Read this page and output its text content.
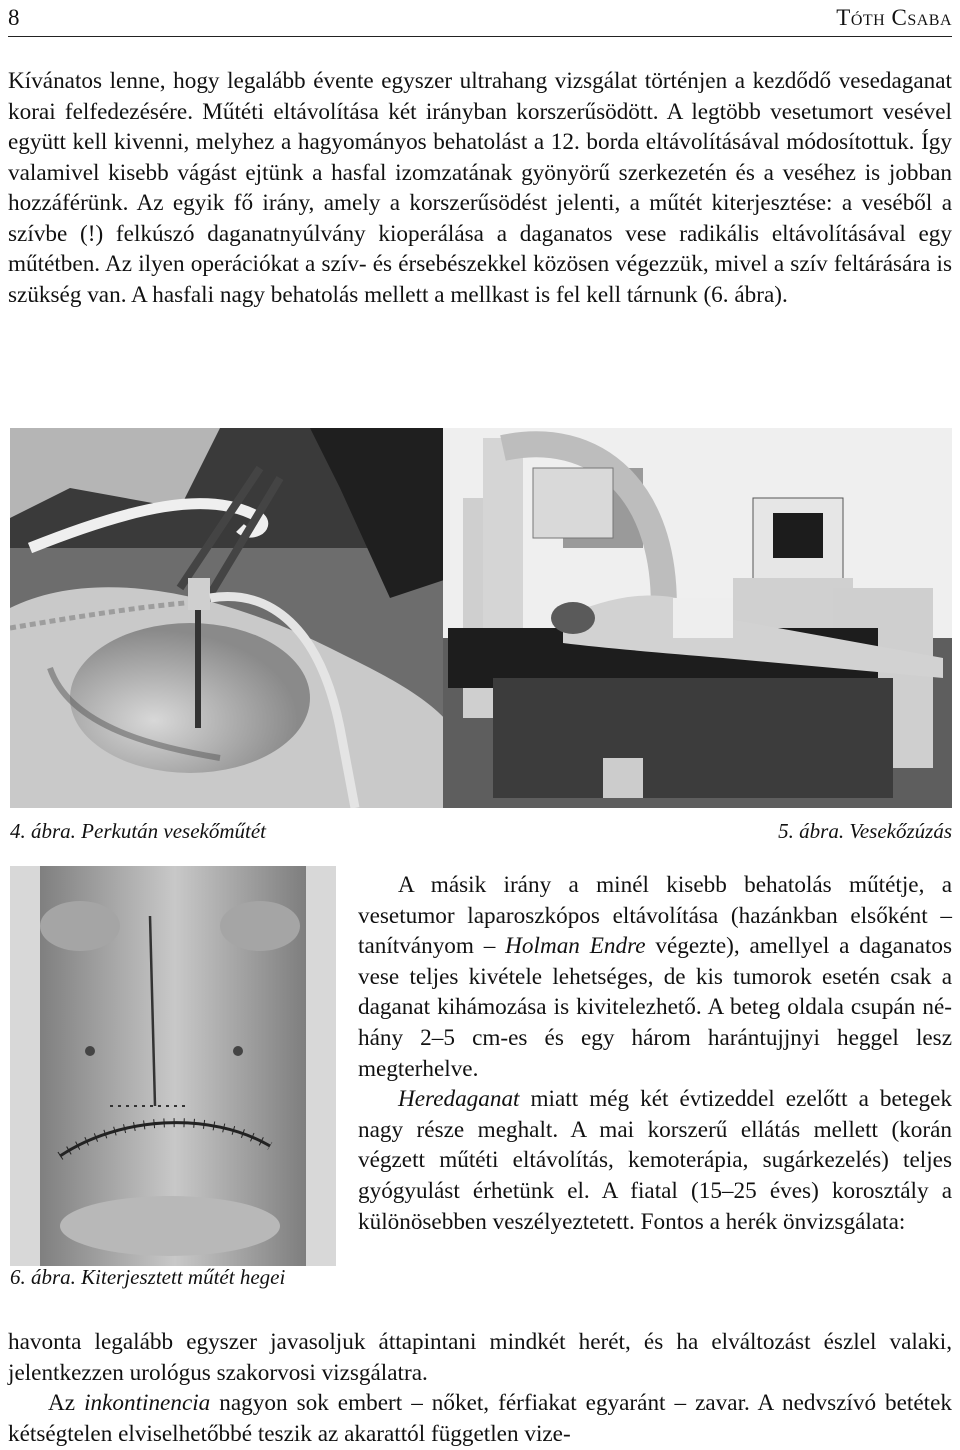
8	Tóth Csaba
Kívánatos lenne, hogy legalább évente egyszer ultrahang vizsgálat történjen a kezdődő vesedaganat korai felfedezésére. Műtéti eltávolítása két irányban korszerűsödött. A legtöbb vesetumort vesével együtt kell kivenni, melyhez a hagyományos behatolást a 12. borda eltávolításával módosítottuk. Így valamivel kisebb vágást ejtünk a hasfal izomzatának gyönyörű szerkezetén és a veséhez is jobban hozzáférünk. Az egyik fő irány, amely a korszerűsödést jelenti, a műtét kiterjesztése: a veséből a szívbe (!) felkúszó daganatnyúlvány kioperálása a daganatos vese radikális eltávolításával egy műtétben. Az ilyen operációkat a szív- és érsebészekkel közösen végezzük, mivel a szív feltárására is szükség van. A hasfali nagy behatolás mellett a mellkast is fel kell tárnunk (6. ábra).
4. ábra. Perkután vesekőműtét	5. ábra. Vesekőzúzás
6. ábra. Kiterjesztett műtét hegei

A másik irány a minél kisebb behatolás műtétje, a vesetumor laparoszkópos eltávolítása (hazánkban elsőként – tanítványom – Holman Endre végezte), amellyel a daganatos vese teljes kivétele lehetséges, de kis tumorok esetén csak a daganat kihámozása is kivitelezhető. A beteg oldala csupán néhány 2–5 cm-es és egy három harántujjnyi heggel lesz megterhelve.

Heredaganat miatt még két évtizeddel ezelőtt a betegek nagy része meghalt. A mai korszerű ellátás mellett (korán végzett műtéti eltávolítás, kemoterápia, sugárkezelés) teljes gyógyulást érhetünk el. A fiatal (15–25 éves) korosztály a különösebben veszélyeztetett. Fontos a herék önvizsgálata:

havonta legalább egyszer javasoljuk áttapintani mindkét herét, és ha elváltozást észlel valaki, jelentkezzen urológus szakorvosi vizsgálatra.
Az inkontinencia nagyon sok embert – nőket, férfiakat egyaránt – zavar. A nedvszívó betétek kétségtelen elviselhetőbbé teszik az akarattól független vize-
